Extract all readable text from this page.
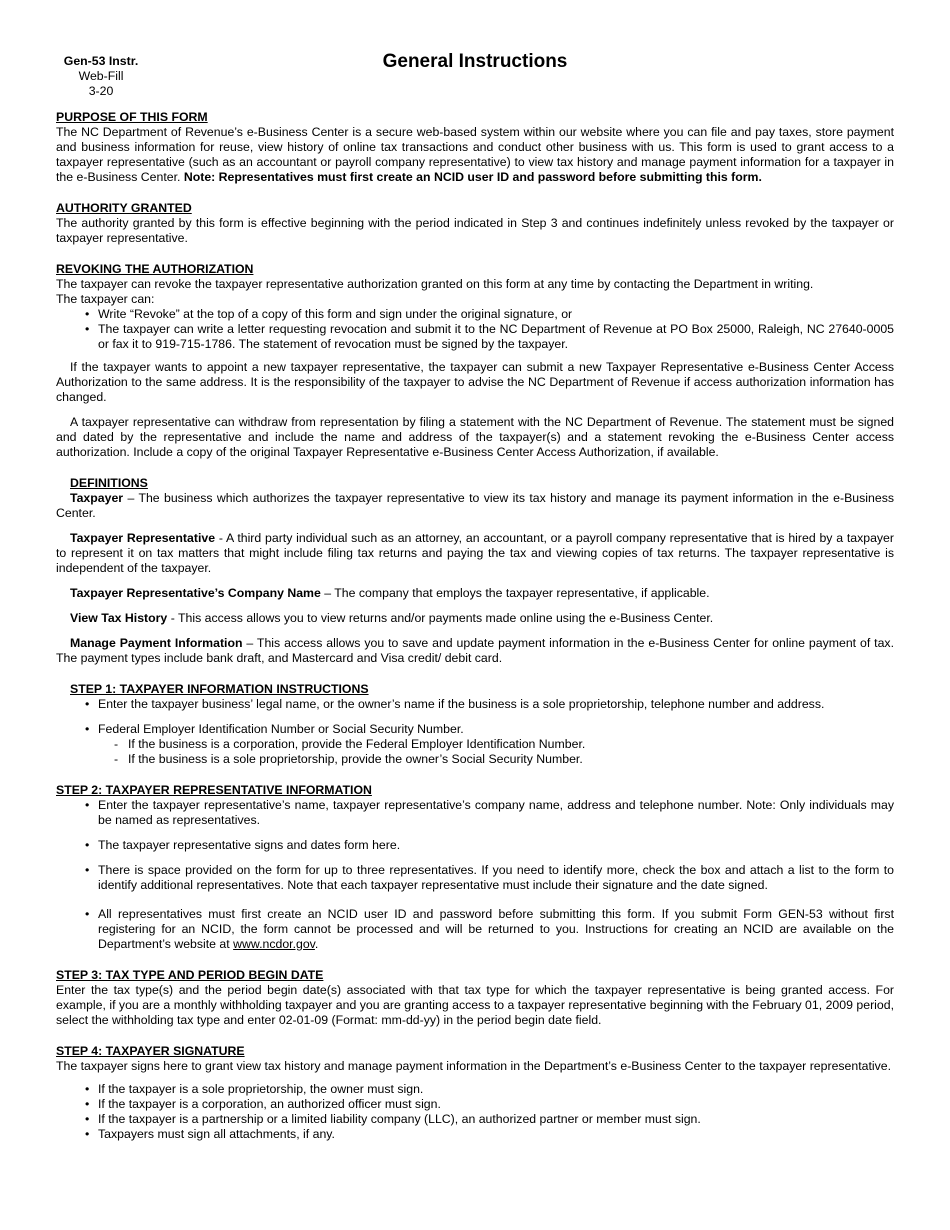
Gen-53 Instr.
Web-Fill
3-20
General Instructions
PURPOSE OF THIS FORM

The NC Department of Revenue’s e-Business Center is a secure web-based system within our website where you can file and pay taxes, store payment and business information for reuse, view history of online tax transactions and conduct other business with us. This form is used to grant access to a taxpayer representative (such as an accountant or payroll company representative) to view tax history and manage payment information for a taxpayer in the e-Business Center. Note: Representatives must first create an NCID user ID and password before submitting this form.

AUTHORITY GRANTED

The authority granted by this form is effective beginning with the period indicated in Step 3 and continues indefinitely unless revoked by the taxpayer or taxpayer representative.

REVOKING THE AUTHORIZATION

The taxpayer can revoke the taxpayer representative authorization granted on this form at any time by contacting the Department in writing.

The taxpayer can:

• Write “Revoke” at the top of a copy of this form and sign under the original signature, or
• The taxpayer can write a letter requesting revocation and submit it to the NC Department of Revenue at PO Box 25000, Raleigh, NC 27640-0005 or fax it to 919-715-1786. The statement of revocation must be signed by the taxpayer.

If the taxpayer wants to appoint a new taxpayer representative, the taxpayer can submit a new Taxpayer Representative e-Business Center Access Authorization to the same address. It is the responsibility of the taxpayer to advise the NC Department of Revenue if access authorization information has changed.

A taxpayer representative can withdraw from representation by filing a statement with the NC Department of Revenue. The statement must be signed and dated by the representative and include the name and address of the taxpayer(s) and a statement revoking the e-Business Center access authorization. Include a copy of the original Taxpayer Representative e-Business Center Access Authorization, if available.

DEFINITIONS

Taxpayer – The business which authorizes the taxpayer representative to view its tax history and manage its payment information in the e-Business Center.

Taxpayer Representative - A third party individual such as an attorney, an accountant, or a payroll company representative that is hired by a taxpayer to represent it on tax matters that might include filing tax returns and paying the tax and viewing copies of tax returns. The taxpayer representative is independent of the taxpayer.

Taxpayer Representative’s Company Name – The company that employs the taxpayer representative, if applicable.

View Tax History - This access allows you to view returns and/or payments made online using the e-Business Center.

Manage Payment Information – This access allows you to save and update payment information in the e-Business Center for online payment of tax. The payment types include bank draft, and Mastercard and Visa credit/ debit card.

STEP 1: TAXPAYER INFORMATION INSTRUCTIONS
• Enter the taxpayer business’ legal name, or the owner’s name if the business is a sole proprietorship, telephone number and address.
• Federal Employer Identification Number or Social Security Number.
- If the business is a corporation, provide the Federal Employer Identification Number.
- If the business is a sole proprietorship, provide the owner’s Social Security Number.
STEP 2: TAXPAYER REPRESENTATIVE INFORMATION
• Enter the taxpayer representative’s name, taxpayer representative’s company name, address and telephone number. Note: Only individuals may be named as representatives.
• The taxpayer representative signs and dates form here.
• There is space provided on the form for up to three representatives. If you need to identify more, check the box and attach a list to the form to identify additional representatives. Note that each taxpayer representative must include their signature and the date signed.
• All representatives must first create an NCID user ID and password before submitting this form. If you submit Form GEN-53 without first registering for an NCID, the form cannot be processed and will be returned to you. Instructions for creating an NCID are available on the Department’s website at www.ncdor.gov.
STEP 3: TAX TYPE AND PERIOD BEGIN DATE

Enter the tax type(s) and the period begin date(s) associated with that tax type for which the taxpayer representative is being granted access. For example, if you are a monthly withholding taxpayer and you are granting access to a taxpayer representative beginning with the February 01, 2009 period, select the withholding tax type and enter 02-01-09 (Format: mm-dd-yy) in the period begin date field.

STEP 4: TAXPAYER SIGNATURE

The taxpayer signs here to grant view tax history and manage payment information in the Department’s e-Business Center to the taxpayer representative.

• If the taxpayer is a sole proprietorship, the owner must sign.
• If the taxpayer is a corporation, an authorized officer must sign.
• If the taxpayer is a partnership or a limited liability company (LLC), an authorized partner or member must sign.
• Taxpayers must sign all attachments, if any.
